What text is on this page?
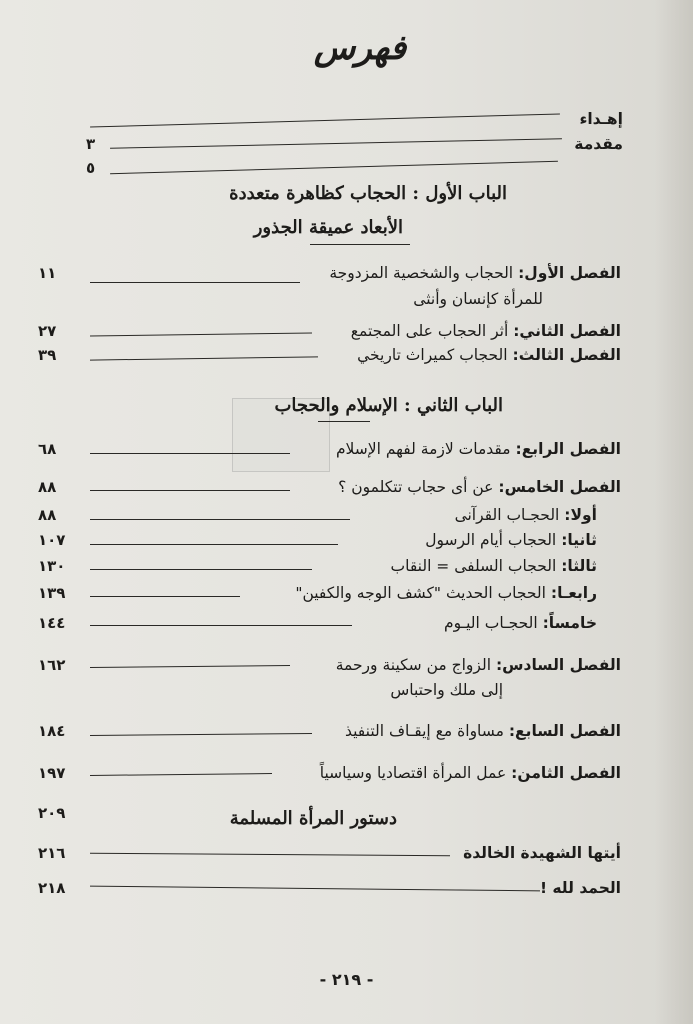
فهرس
إهـداء
مقدمة
٣
٥
الباب الأول : الحجاب كظاهرة متعددة
الأبعاد عميقة الجذور
الفصل الأول: الحجاب والشخصية المزدوجة
١١
للمرأة كإنسان وأنثى
الفصل الثاني: أثر الحجاب على المجتمع
٢٧
الفصل الثالث: الحجاب كميراث تاريخي
٣٩
الباب الثاني : الإسلام والحجاب
الفصل الرابع: مقدمات لازمة لفهم الإسلام
٦٨
الفصل الخامس: عن أى حجاب تتكلمون ؟
٨٨
أولا: الحجـاب القرآنى
٨٨
ثانيا: الحجاب أيام الرسول
١٠٧
ثالثا: الحجاب السلفى = النقاب
١٣٠
رابعـا: الحجاب الحديث "كشف الوجه والكفين"
١٣٩
خامساً: الحجـاب اليـوم
١٤٤
الفصل السادس: الزواج من سكينة ورحمة
١٦٢
إلى ملك واحتباس
الفصل السابع: مساواة مع إيقـاف التنفيذ
١٨٤
الفصل الثامن: عمل المرأة اقتصاديا وسياسياً
١٩٧
٢٠٩	دستور المرأة المسلمة
أيتها الشهيدة الخالدة
٢١٦
الحمد لله !
٢١٨
- ٢١٩ -
